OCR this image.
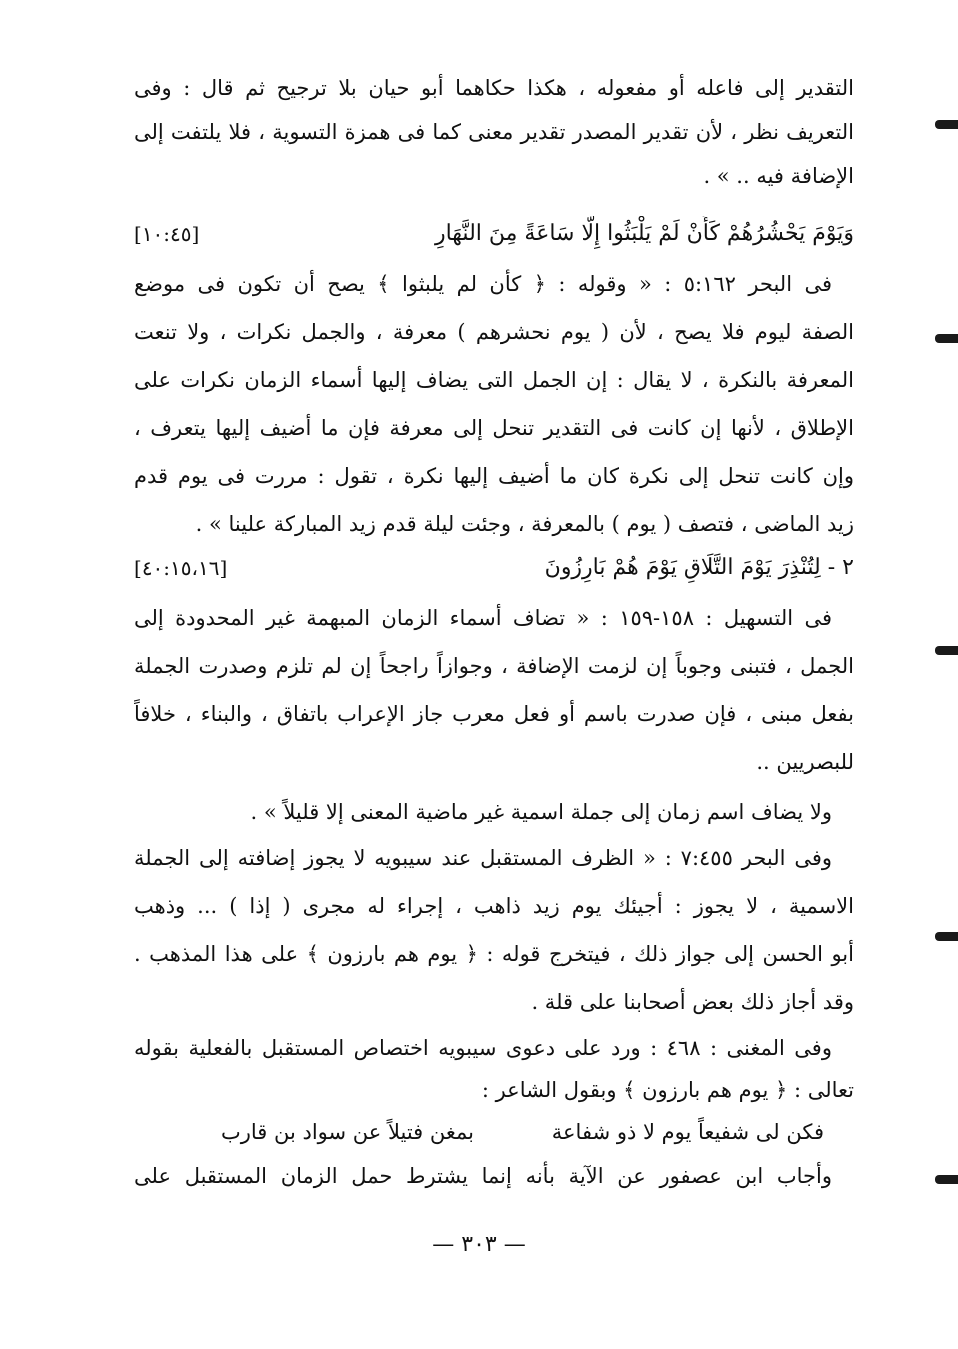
التقدير إلى فاعله أو مفعوله ، هكذا حكاهما أبو حيان بلا ترجيح ثم قال : وفى
التعريف نظر ، لأن تقدير المصدر تقدير معنى كما فى همزة التسوية ، فلا يلتفت إلى
الإضافة فيه .. » .
وَيَوْمَ يَحْشُرُهُمْ كَأَنْ لَمْ يَلْبَثُوا إِلَّا سَاعَةً مِنَ النَّهَارِ
[١٠:٤٥]
فى البحر ٥:١٦٢ : « وقوله : ﴿ كأن لم يلبثوا ﴾ يصح أن تكون فى موضع
الصفة ليوم فلا يصح ، لأن ( يوم نحشرهم ) معرفة ، والجمل نكرات ، ولا تنعت
المعرفة بالنكرة ، لا يقال : إن الجمل التى يضاف إليها أسماء الزمان نكرات على
الإطلاق ، لأنها إن كانت فى التقدير تنحل إلى معرفة فإن ما أضيف إليها يتعرف ،
وإن كانت تنحل إلى نكرة كان ما أضيف إليها نكرة ، تقول : مررت فى يوم قدم
زيد الماضى ، فتصف ( يوم ) بالمعرفة ، وجئت ليلة قدم زيد المباركة علينا » .
٢ - لِتُنْذِرَ يَوْمَ التَّلَاقِ يَوْمَ هُمْ بَارِزُونَ
[٤٠:١٥،١٦]
فى التسهيل : ١٥٨-١٥٩ : « تضاف أسماء الزمان المبهمة غير المحدودة إلى
الجمل ، فتبنى وجوباً إن لزمت الإضافة ، وجوازاً راجحاً إن لم تلزم وصدرت الجملة
بفعل مبنى ، فإن صدرت باسم أو فعل معرب جاز الإعراب باتفاق ، والبناء ، خلافاً
للبصريين ..
ولا يضاف اسم زمان إلى جملة اسمية غير ماضية المعنى إلا قليلاً » .
وفى البحر ٧:٤٥٥ : « الظرف المستقبل عند سيبويه لا يجوز إضافته إلى الجملة
الاسمية ، لا يجوز : أجيئك يوم زيد ذاهب ، إجراء له مجرى ( إذا ) ... وذهب
أبو الحسن إلى جواز ذلك ، فيتخرج قوله : ﴿ يوم هم بارزون ﴾ على هذا المذهب .
وقد أجاز ذلك بعض أصحابنا على قلة .
وفى المغنى : ٤٦٨ : ورد على دعوى سيبويه اختصاص المستقبل بالفعلية بقوله
تعالى : ﴿ يوم هم بارزون ﴾ وبقول الشاعر :
فكن لى شفيعاً يوم لا ذو شفاعة
بمغن فتيلاً عن سواد بن قارب
وأجاب ابن عصفور عن الآية بأنه إنما يشترط حمل الزمان المستقبل على
— ٣٠٣ —
